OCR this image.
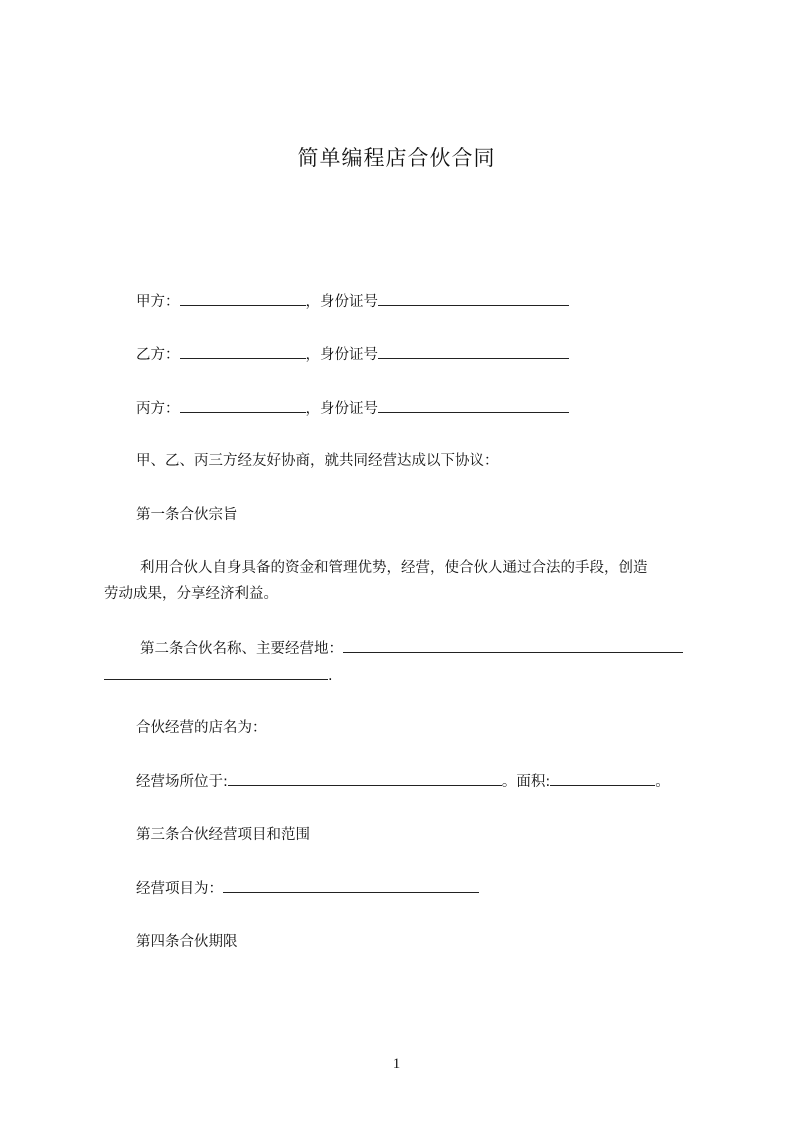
简单编程店合伙合同
甲方：	，身份证号
乙方：	，身份证号
丙方：	，身份证号
甲、乙、丙三方经友好协商，就共同经营达成以下协议：
第一条合伙宗旨
利用合伙人自身具备的资金和管理优势，经营，使合伙人通过合法的手段，创造
劳动成果，分享经济利益。
第二条合伙名称、主要经营地：
.
合伙经营的店名为：
经营场所位于:	。面积:	。
第三条合伙经营项目和范围
经营项目为：
第四条合伙期限
1
